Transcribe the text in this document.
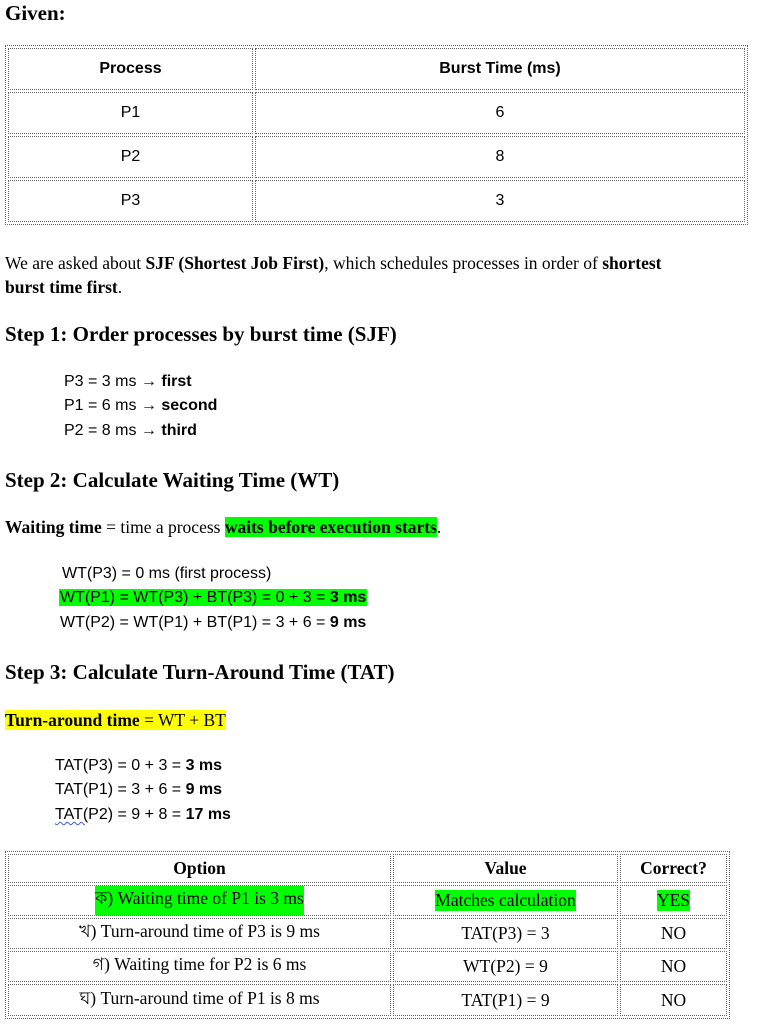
Given:
Process	Burst Time (ms)
P1	6
P2	8
P3	3
We are asked about SJF (Shortest Job First), which schedules processes in order of shortest
burst time first.
Step 1: Order processes by burst time (SJF)
P3 = 3 ms → first
P1 = 6 ms → second
P2 = 8 ms → third
Step 2: Calculate Waiting Time (WT)
Waiting time = time a process waits before execution starts.
WT(P3) = 0 ms (first process)
WT(P1) = WT(P3) + BT(P3) = 0 + 3 = 3 ms
WT(P2) = WT(P1) + BT(P1) = 3 + 6 = 9 ms
Step 3: Calculate Turn-Around Time (TAT)
Turn-around time = WT + BT
TAT(P3) = 0 + 3 = 3 ms
TAT(P1) = 3 + 6 = 9 ms
TAT(P2) = 9 + 8 = 17 ms
Option	Value	Correct?
ক) Waiting time of P1 is 3 ms	Matches calculation	YES
খ) Turn-around time of P3 is 9 ms	TAT(P3) = 3	NO
গ) Waiting time for P2 is 6 ms	WT(P2) = 9	NO
ঘ) Turn-around time of P1 is 8 ms	TAT(P1) = 9	NO
